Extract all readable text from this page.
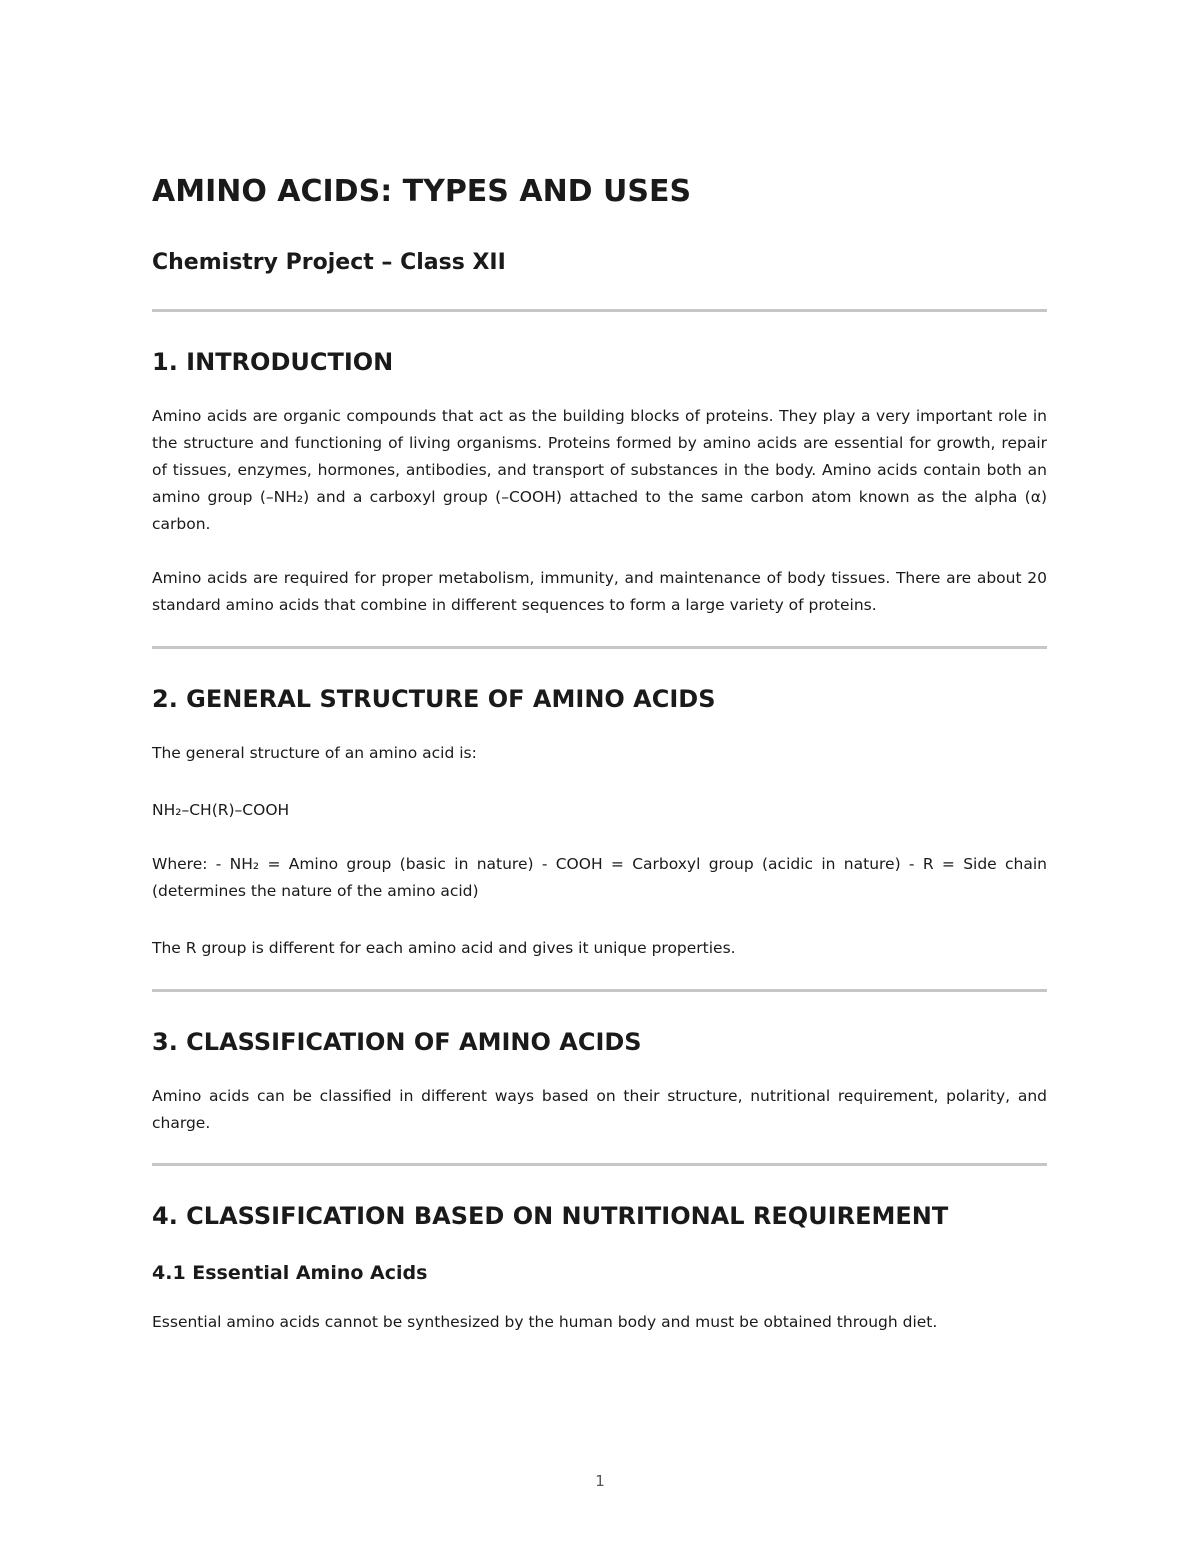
AMINO ACIDS: TYPES AND USES
Chemistry Project – Class XII
1. INTRODUCTION

Amino acids are organic compounds that act as the building blocks of proteins. They play a very important role in the structure and functioning of living organisms. Proteins formed by amino acids are essential for growth, repair of tissues, enzymes, hormones, antibodies, and transport of substances in the body. Amino acids contain both an amino group (–NH₂) and a carboxyl group (–COOH) attached to the same carbon atom known as the alpha (α) carbon.

Amino acids are required for proper metabolism, immunity, and maintenance of body tissues. There are about 20 standard amino acids that combine in different sequences to form a large variety of proteins.

2. GENERAL STRUCTURE OF AMINO ACIDS

The general structure of an amino acid is:

NH₂–CH(R)–COOH

Where: - NH₂ = Amino group (basic in nature) - COOH = Carboxyl group (acidic in nature) - R = Side chain (determines the nature of the amino acid)

The R group is different for each amino acid and gives it unique properties.

3. CLASSIFICATION OF AMINO ACIDS

Amino acids can be classified in different ways based on their structure, nutritional requirement, polarity, and charge.

4. CLASSIFICATION BASED ON NUTRITIONAL REQUIREMENT
4.1 Essential Amino Acids

Essential amino acids cannot be synthesized by the human body and must be obtained through diet.

1
